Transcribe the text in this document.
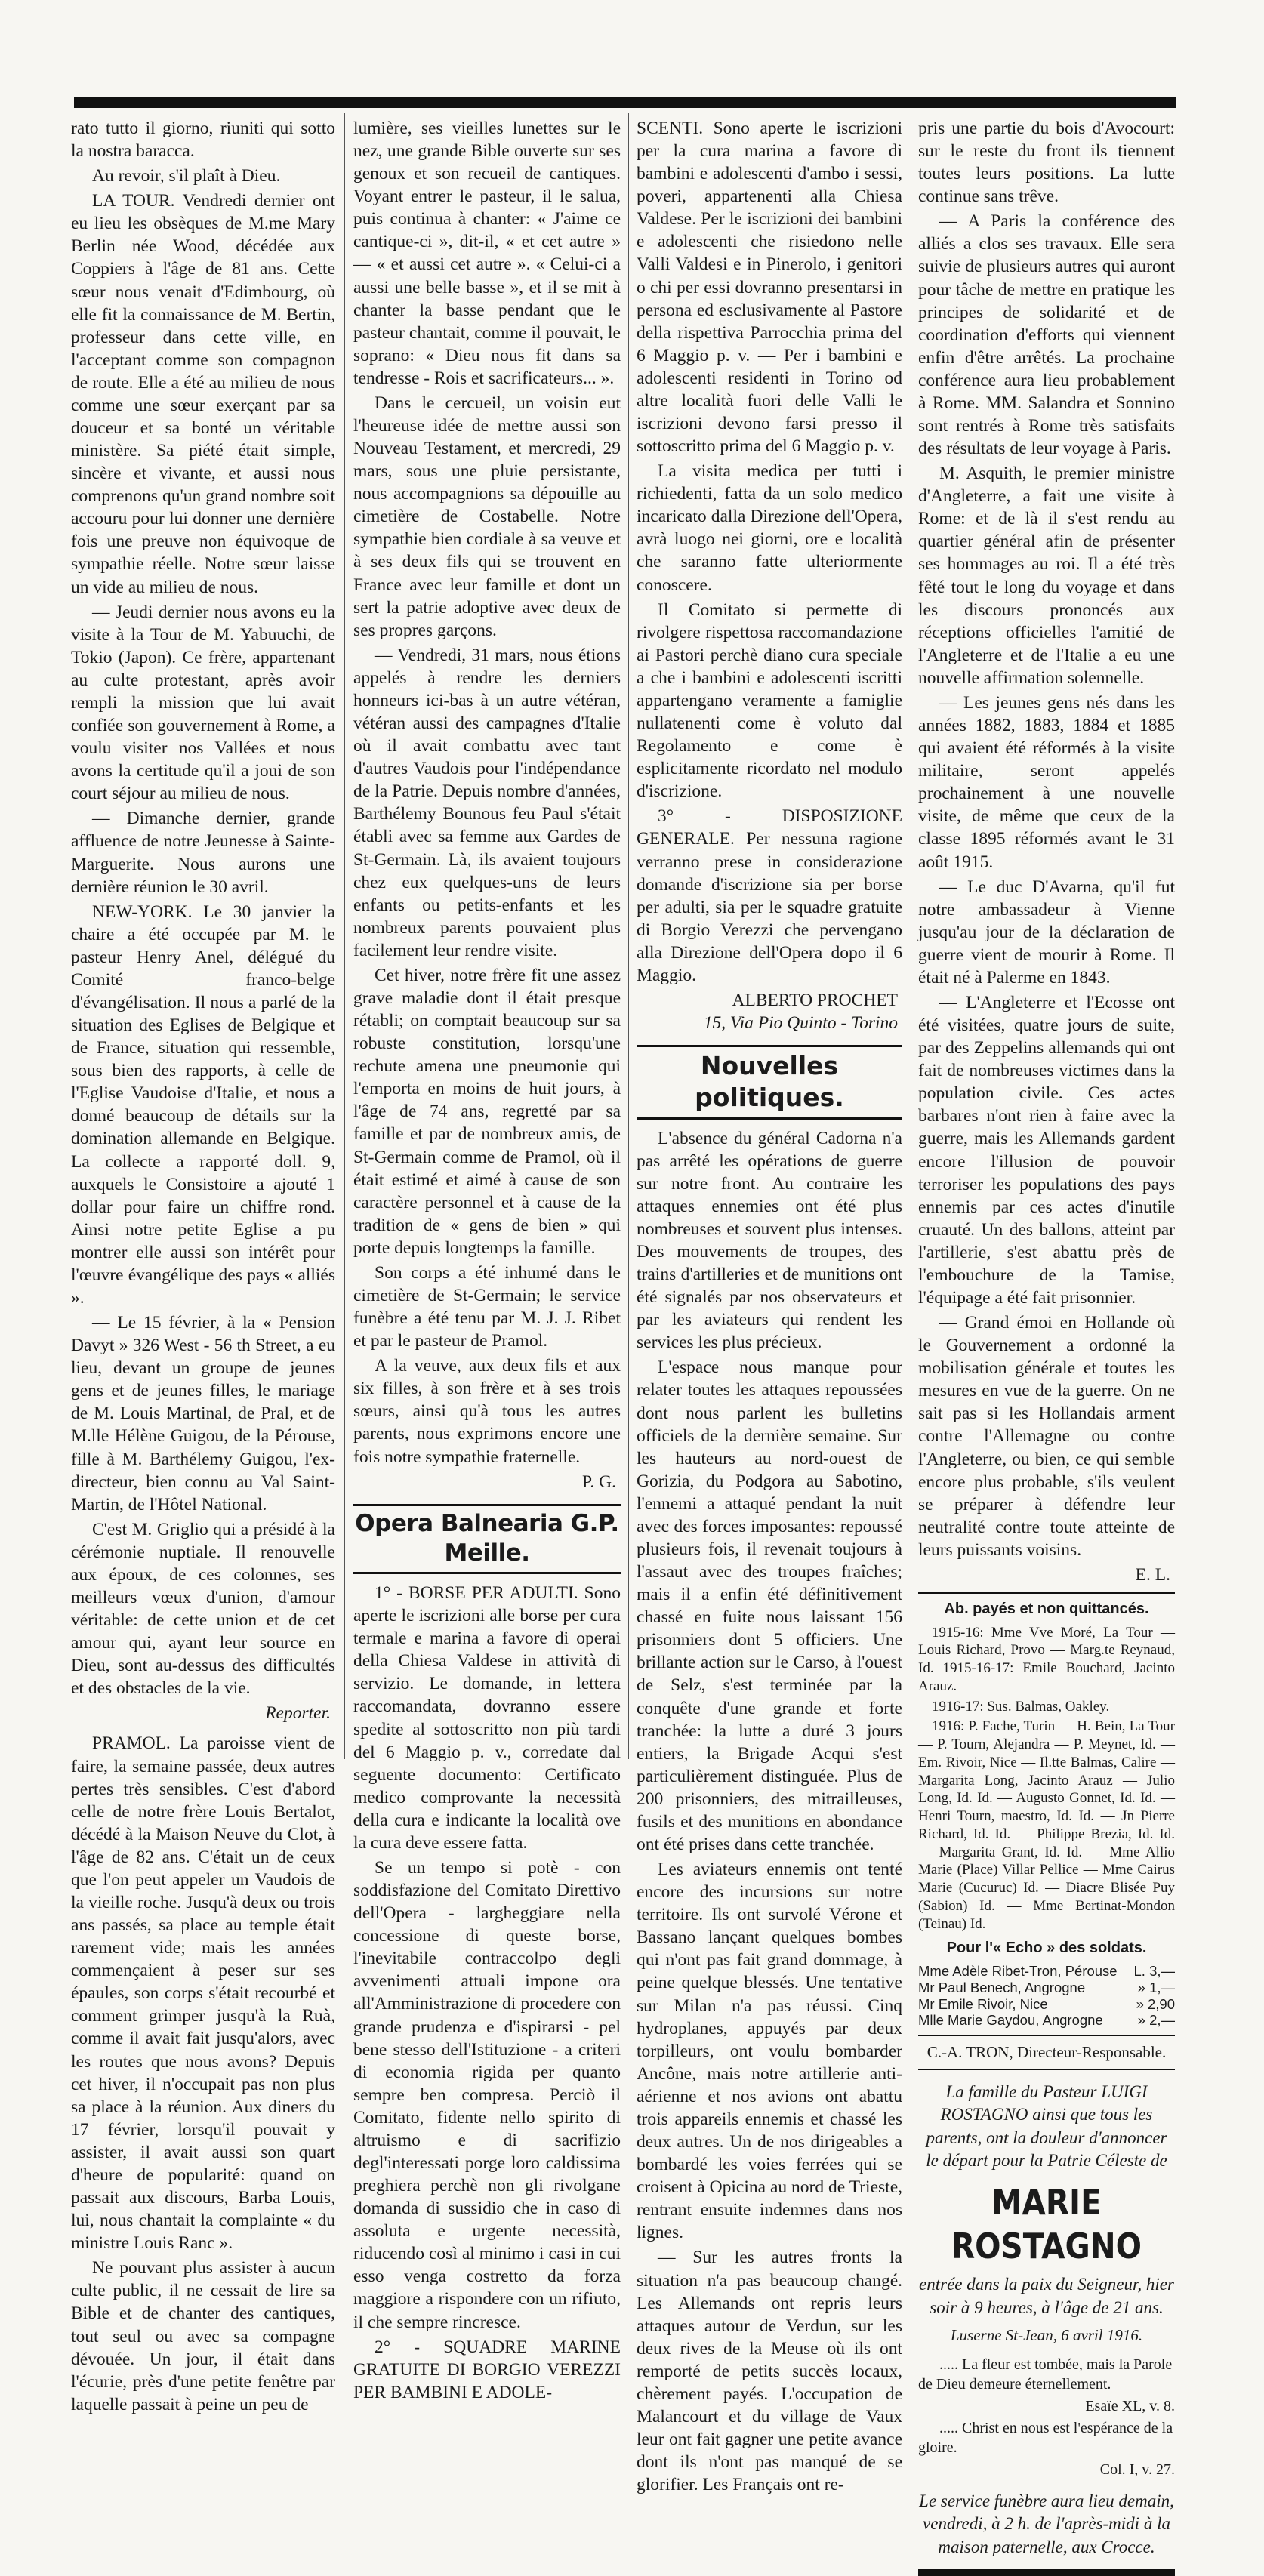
rato tutto il giorno, riuniti qui sotto la nostra baracca.

Au revoir, s'il plaît à Dieu.

LA TOUR. Vendredi dernier ont eu lieu les obsèques de M.me Mary Berlin née Wood, décédée aux Coppiers à l'âge de 81 ans. Cette sœur nous venait d'Edimbourg, où elle fit la connaissance de M. Bertin, professeur dans cette ville, en l'acceptant comme son compagnon de route. Elle a été au milieu de nous comme une sœur exerçant par sa douceur et sa bonté un véritable ministère. Sa piété était simple, sincère et vivante, et aussi nous comprenons qu'un grand nombre soit accouru pour lui donner une dernière fois une preuve non équivoque de sympathie réelle. Notre sœur laisse un vide au milieu de nous.

— Jeudi dernier nous avons eu la visite à la Tour de M. Yabuuchi, de Tokio (Japon). Ce frère, appartenant au culte protestant, après avoir rempli la mission que lui avait confiée son gouvernement à Rome, a voulu visiter nos Vallées et nous avons la certitude qu'il a joui de son court séjour au milieu de nous.

— Dimanche dernier, grande affluence de notre Jeunesse à Sainte-Marguerite. Nous aurons une dernière réunion le 30 avril.

NEW-YORK. Le 30 janvier la chaire a été occupée par M. le pasteur Henry Anel, délégué du Comité franco-belge d'évangélisation. Il nous a parlé de la situation des Eglises de Belgique et de France, situation qui ressemble, sous bien des rapports, à celle de l'Eglise Vaudoise d'Italie, et nous a donné beaucoup de détails sur la domination allemande en Belgique. La collecte a rapporté doll. 9, auxquels le Consistoire a ajouté 1 dollar pour faire un chiffre rond. Ainsi notre petite Eglise a pu montrer elle aussi son intérêt pour l'œuvre évangélique des pays « alliés ».

— Le 15 février, à la « Pension Davyt » 326 West - 56 th Street, a eu lieu, devant un groupe de jeunes gens et de jeunes filles, le mariage de M. Louis Martinal, de Pral, et de M.lle Hélène Guigou, de la Pérouse, fille à M. Barthélemy Guigou, l'ex-directeur, bien connu au Val Saint-Martin, de l'Hôtel National.

C'est M. Griglio qui a présidé à la cérémonie nuptiale. Il renouvelle aux époux, de ces colonnes, ses meilleurs vœux d'union, d'amour véritable: de cette union et de cet amour qui, ayant leur source en Dieu, sont au-dessus des difficultés et des obstacles de la vie.

Reporter.

PRAMOL. La paroisse vient de faire, la semaine passée, deux autres pertes très sensibles. C'est d'abord celle de notre frère Louis Bertalot, décédé à la Maison Neuve du Clot, à l'âge de 82 ans. C'était un de ceux que l'on peut appeler un Vaudois de la vieille roche. Jusqu'à deux ou trois ans passés, sa place au temple était rarement vide; mais les années commençaient à peser sur ses épaules, son corps s'était recourbé et comment grimper jusqu'à la Ruà, comme il avait fait jusqu'alors, avec les routes que nous avons? Depuis cet hiver, il n'occupait pas non plus sa place à la réunion. Aux diners du 17 février, lorsqu'il pouvait y assister, il avait aussi son quart d'heure de popularité: quand on passait aux discours, Barba Louis, lui, nous chantait la complainte « du ministre Louis Ranc ».

Ne pouvant plus assister à aucun culte public, il ne cessait de lire sa Bible et de chanter des cantiques, tout seul ou avec sa compagne dévouée. Un jour, il était dans l'écurie, près d'une petite fenêtre par laquelle passait à peine un peu de

lumière, ses vieilles lunettes sur le nez, une grande Bible ouverte sur ses genoux et son recueil de cantiques. Voyant entrer le pasteur, il le salua, puis continua à chanter: « J'aime ce cantique-ci », dit-il, « et cet autre » — « et aussi cet autre ». « Celui-ci a aussi une belle basse », et il se mit à chanter la basse pendant que le pasteur chantait, comme il pouvait, le soprano: « Dieu nous fit dans sa tendresse - Rois et sacrificateurs... ».

Dans le cercueil, un voisin eut l'heureuse idée de mettre aussi son Nouveau Testament, et mercredi, 29 mars, sous une pluie persistante, nous accompagnions sa dépouille au cimetière de Costabelle. Notre sympathie bien cordiale à sa veuve et à ses deux fils qui se trouvent en France avec leur famille et dont un sert la patrie adoptive avec deux de ses propres garçons.

— Vendredi, 31 mars, nous étions appelés à rendre les derniers honneurs ici-bas à un autre vétéran, vétéran aussi des campagnes d'Italie où il avait combattu avec tant d'autres Vaudois pour l'indépendance de la Patrie. Depuis nombre d'années, Barthélemy Bounous feu Paul s'était établi avec sa femme aux Gardes de St-Germain. Là, ils avaient toujours chez eux quelques-uns de leurs enfants ou petits-enfants et les nombreux parents pouvaient plus facilement leur rendre visite.

Cet hiver, notre frère fit une assez grave maladie dont il était presque rétabli; on comptait beaucoup sur sa robuste constitution, lorsqu'une rechute amena une pneumonie qui l'emporta en moins de huit jours, à l'âge de 74 ans, regretté par sa famille et par de nombreux amis, de St-Germain comme de Pramol, où il était estimé et aimé à cause de son caractère personnel et à cause de la tradition de « gens de bien » qui porte depuis longtemps la famille.

Son corps a été inhumé dans le cimetière de St-Germain; le service funèbre a été tenu par M. J. J. Ribet et par le pasteur de Pramol.

A la veuve, aux deux fils et aux six filles, à son frère et à ses trois sœurs, ainsi qu'à tous les autres parents, nous exprimons encore une fois notre sympathie fraternelle.

P. G.
Opera Balnearia G.P. Meille.

1° - BORSE PER ADULTI. Sono aperte le iscrizioni alle borse per cura termale e marina a favore di operai della Chiesa Valdese in attività di servizio. Le domande, in lettera raccomandata, dovranno essere spedite al sottoscritto non più tardi del 6 Maggio p. v., corredate dal seguente documento: Certificato medico comprovante la necessità della cura e indicante la località ove la cura deve essere fatta.

Se un tempo si potè - con soddisfazione del Comitato Direttivo dell'Opera - largheggiare nella concessione di queste borse, l'inevitabile contraccolpo degli avvenimenti attuali impone ora all'Amministrazione di procedere con grande prudenza e d'ispirarsi - pel bene stesso dell'Istituzione - a criteri di economia rigida per quanto sempre ben compresa. Perciò il Comitato, fidente nello spirito di altruismo e di sacrifizio degl'interessati porge loro caldissima preghiera perchè non gli rivolgane domanda di sussidio che in caso di assoluta e urgente necessità, riducendo così al minimo i casi in cui esso venga costretto da forza maggiore a rispondere con un rifiuto, il che sempre rincresce.

2° - SQUADRE MARINE GRATUITE DI BORGIO VEREZZI PER BAMBINI E ADOLE-

SCENTI. Sono aperte le iscrizioni per la cura marina a favore di bambini e adolescenti d'ambo i sessi, poveri, appartenenti alla Chiesa Valdese. Per le iscrizioni dei bambini e adolescenti che risiedono nelle Valli Valdesi e in Pinerolo, i genitori o chi per essi dovranno presentarsi in persona ed esclusivamente al Pastore della rispettiva Parrocchia prima del 6 Maggio p. v. — Per i bambini e adolescenti residenti in Torino od altre località fuori delle Valli le iscrizioni devono farsi presso il sottoscritto prima del 6 Maggio p. v.

La visita medica per tutti i richiedenti, fatta da un solo medico incaricato dalla Direzione dell'Opera, avrà luogo nei giorni, ore e località che saranno fatte ulteriormente conoscere.

Il Comitato si permette di rivolgere rispettosa raccomandazione ai Pastori perchè diano cura speciale a che i bambini e adolescenti iscritti appartengano veramente a famiglie nullatenenti come è voluto dal Regolamento e come è esplicitamente ricordato nel modulo d'iscrizione.

3° - DISPOSIZIONE GENERALE. Per nessuna ragione verranno prese in considerazione domande d'iscrizione sia per borse per adulti, sia per le squadre gratuite di Borgio Verezzi che pervengano alla Direzione dell'Opera dopo il 6 Maggio.

ALBERTO PROCHET
15, Via Pio Quinto - Torino
Nouvelles politiques.

L'absence du général Cadorna n'a pas arrêté les opérations de guerre sur notre front. Au contraire les attaques ennemies ont été plus nombreuses et souvent plus intenses. Des mouvements de troupes, des trains d'artilleries et de munitions ont été signalés par nos observateurs et par les aviateurs qui rendent les services les plus précieux.

L'espace nous manque pour relater toutes les attaques repoussées dont nous parlent les bulletins officiels de la dernière semaine. Sur les hauteurs au nord-ouest de Gorizia, du Podgora au Sabotino, l'ennemi a attaqué pendant la nuit avec des forces imposantes: repoussé plusieurs fois, il revenait toujours à l'assaut avec des troupes fraîches; mais il a enfin été définitivement chassé en fuite nous laissant 156 prisonniers dont 5 officiers. Une brillante action sur le Carso, à l'ouest de Selz, s'est terminée par la conquête d'une grande et forte tranchée: la lutte a duré 3 jours entiers, la Brigade Acqui s'est particulièrement distinguée. Plus de 200 prisonniers, des mitrailleuses, fusils et des munitions en abondance ont été prises dans cette tranchée.

Les aviateurs ennemis ont tenté encore des incursions sur notre territoire. Ils ont survolé Vérone et Bassano lançant quelques bombes qui n'ont pas fait grand dommage, à peine quelque blessés. Une tentative sur Milan n'a pas réussi. Cinq hydroplanes, appuyés par deux torpilleurs, ont voulu bombarder Ancône, mais notre artillerie anti-aérienne et nos avions ont abattu trois appareils ennemis et chassé les deux autres. Un de nos dirigeables a bombardé les voies ferrées qui se croisent à Opicina au nord de Trieste, rentrant ensuite indemnes dans nos lignes.

— Sur les autres fronts la situation n'a pas beaucoup changé. Les Allemands ont repris leurs attaques autour de Verdun, sur les deux rives de la Meuse où ils ont remporté de petits succès locaux, chèrement payés. L'occupation de Malancourt et du village de Vaux leur ont fait gagner une petite avance dont ils n'ont pas manqué de se glorifier. Les Français ont re-

pris une partie du bois d'Avocourt: sur le reste du front ils tiennent toutes leurs positions. La lutte continue sans trêve.

— A Paris la conférence des alliés a clos ses travaux. Elle sera suivie de plusieurs autres qui auront pour tâche de mettre en pratique les principes de solidarité et de coordination d'efforts qui viennent enfin d'être arrêtés. La prochaine conférence aura lieu probablement à Rome. MM. Salandra et Sonnino sont rentrés à Rome très satisfaits des résultats de leur voyage à Paris.

M. Asquith, le premier ministre d'Angleterre, a fait une visite à Rome: et de là il s'est rendu au quartier général afin de présenter ses hommages au roi. Il a été très fêté tout le long du voyage et dans les discours prononcés aux réceptions officielles l'amitié de l'Angleterre et de l'Italie a eu une nouvelle affirmation solennelle.

— Les jeunes gens nés dans les années 1882, 1883, 1884 et 1885 qui avaient été réformés à la visite militaire, seront appelés prochainement à une nouvelle visite, de même que ceux de la classe 1895 réformés avant le 31 août 1915.

— Le duc D'Avarna, qu'il fut notre ambassadeur à Vienne jusqu'au jour de la déclaration de guerre vient de mourir à Rome. Il était né à Palerme en 1843.

— L'Angleterre et l'Ecosse ont été visitées, quatre jours de suite, par des Zeppelins allemands qui ont fait de nombreuses victimes dans la population civile. Ces actes barbares n'ont rien à faire avec la guerre, mais les Allemands gardent encore l'illusion de pouvoir terroriser les populations des pays ennemis par ces actes d'inutile cruauté. Un des ballons, atteint par l'artillerie, s'est abattu près de l'embouchure de la Tamise, l'équipage a été fait prisonnier.

— Grand émoi en Hollande où le Gouvernement a ordonné la mobilisation générale et toutes les mesures en vue de la guerre. On ne sait pas si les Hollandais arment contre l'Allemagne ou contre l'Angleterre, ou bien, ce qui semble encore plus probable, s'ils veulent se préparer à défendre leur neutralité contre toute atteinte de leurs puissants voisins.

E. L.
Ab. payés et non quittancés.

1915-16: Mme Vve Moré, La Tour — Louis Richard, Provo — Marg.te Reynaud, Id. 1915-16-17: Emile Bouchard, Jacinto Arauz.

1916-17: Sus. Balmas, Oakley.

1916: P. Fache, Turin — H. Bein, La Tour — P. Tourn, Alejandra — P. Meynet, Id. — Em. Rivoir, Nice — Il.tte Balmas, Calire — Margarita Long, Jacinto Arauz — Julio Long, Id. Id. — Augusto Gonnet, Id. Id. — Henri Tourn, maestro, Id. Id. — Jn Pierre Richard, Id. Id. — Philippe Brezia, Id. Id. — Margarita Grant, Id. Id. — Mme Allio Marie (Place) Villar Pellice — Mme Cairus Marie (Cucuruc) Id. — Diacre Blisée Puy (Sabion) Id. — Mme Bertinat-Mondon (Teinau) Id.

Pour l'« Echo » des soldats.
Mme Adèle Ribet-Tron, Pérouse L. 3,—
Mr Paul Benech, Angrogne	» 1,—
Mr Emile Rivoir, Nice	» 2,90
Mlle Marie Gaydou, Angrogne » 2,—
C.-A. TRON, Directeur-Responsable.
La famille du Pasteur LUIGI ROSTAGNO ainsi que tous les parents, ont la douleur d'annoncer le départ pour la Patrie Céleste de
MARIE ROSTAGNO
entrée dans la paix du Seigneur, hier soir à 9 heures, à l'âge de 21 ans.
Luserne St-Jean, 6 avril 1916.

..... La fleur est tombée, mais la Parole de Dieu demeure éternellement.

Esaïe XL, v. 8.

..... Christ en nous est l'espérance de la gloire.

Col. I, v. 27.

Le service funèbre aura lieu demain, vendredi, à 2 h. de l'après-midi à la maison paternelle, aux Crocce.
